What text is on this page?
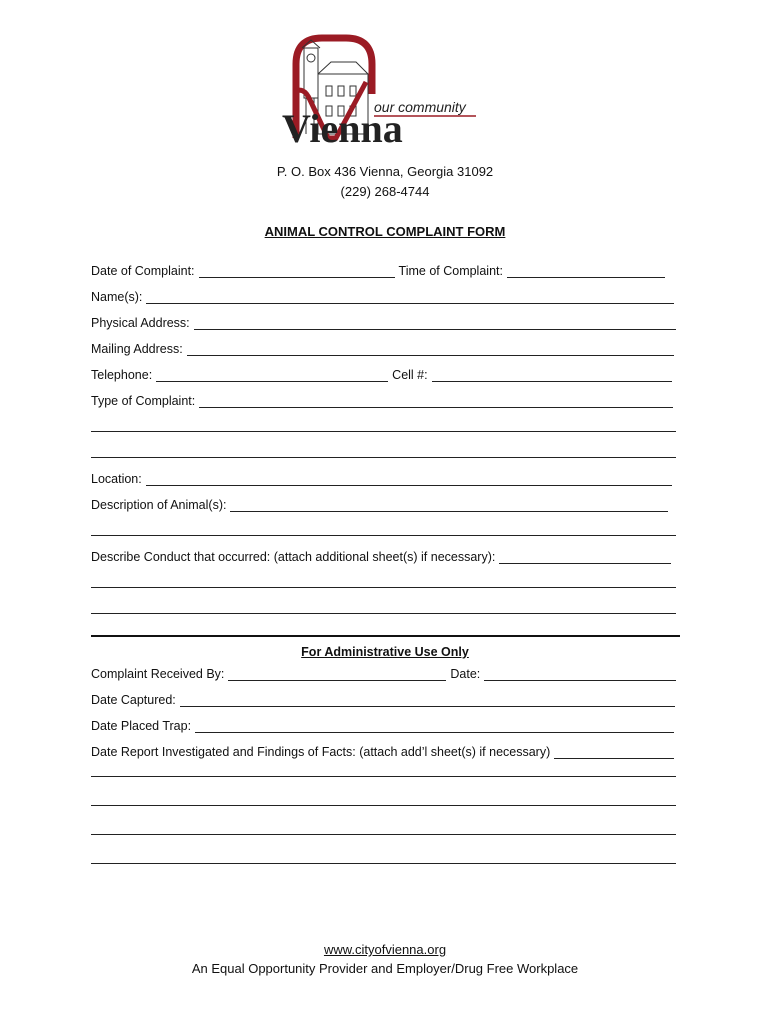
our community
Vienna
P. O. Box 436 Vienna, Georgia 31092
(229) 268-4744
ANIMAL CONTROL COMPLAINT FORM
Date of Complaint:	Time of Complaint:
Name(s):
Physical Address:
Mailing Address:
Telephone:	Cell #:
Type of Complaint:
Location:
Description of Animal(s):
Describe Conduct that occurred: (attach additional sheet(s) if necessary):
For Administrative Use Only
Complaint Received By:	Date:
Date Captured:
Date Placed Trap:
Date Report Investigated and Findings of Facts: (attach add’l sheet(s) if necessary)
www.cityofvienna.org
An Equal Opportunity Provider and Employer/Drug Free Workplace
